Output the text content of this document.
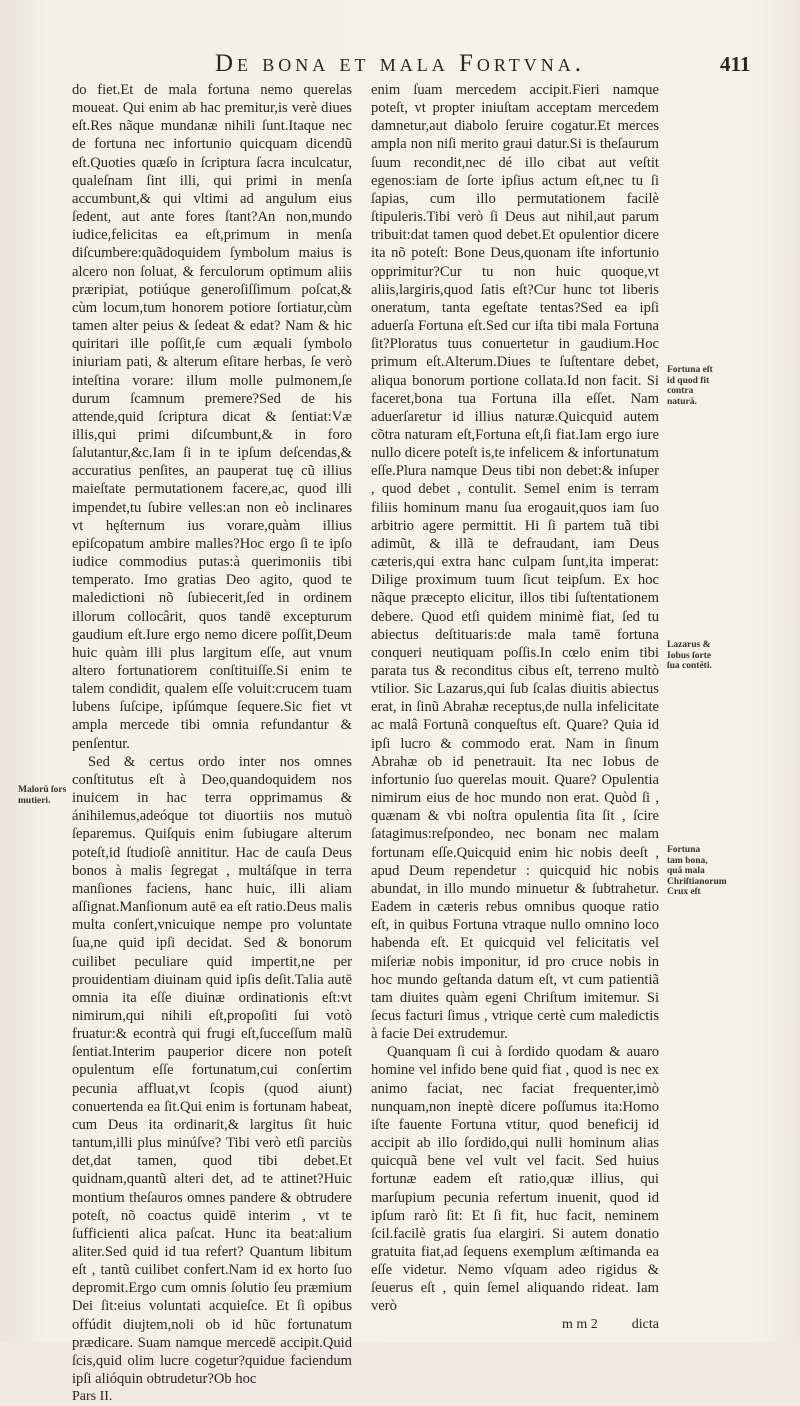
De bona et mala Fortvna.	411

do fiet.Et de mala fortuna nemo querelas moueat. Qui enim ab hac premitur,is verè diues eſt.Res nãque mundanæ nihili ſunt.Itaque nec de fortuna nec infortunio quicquam dicendũ eſt.Quoties quæſo in ſcriptura ſacra inculcatur, qualeſnam ſint illi, qui primi in menſa accumbunt,& qui vltimi ad angulum eius ſedent, aut ante fores ſtant?An non,mundo iudice,felicitas ea eſt,primum in menſa diſcumbere:quãdoquidem ſymbolum maius is alcero non ſoluat, & ferculorum optimum aliis præripiat, potiúque generoſiſſimum poſcat,& cùm locum,tum honorem potiore ſortiatur,cùm tamen alter peius & ſedeat & edat? Nam & hic quiritari ille poſſit,ſe cum æquali ſymbolo iniuriam pati, & alterum eſitare herbas, ſe verò inteſtina vorare: illum molle pulmonem,ſe durum ſcamnum premere?Sed de his attende,quid ſcriptura dicat & ſentiat:Væ illis,qui primi diſcumbunt,& in foro ſalutantur,&c.Iam ſi in te ipſum deſcendas,& accuratius penſites, an pauperat tuę cũ illius maieſtate permutationem facere,ac, quod illi impendet,tu ſubire velles:an non eò inclinares vt hęſternum ius vorare,quàm illius epiſcopatum ambire malles?Hoc ergo ſi te ipſo iudice commodius putas:à querimoniis tibi temperato. Imo gratias Deo agito, quod te maledictioni nõ ſubiecerit,ſed in ordinem illorum collocârit, quos tandē excepturum gaudium eſt.Iure ergo nemo dicere poſſit,Deum huic quàm illi plus largitum eſſe, aut vnum altero fortunatiorem conſtituiſſe.Si enim te talem condidit, qualem eſſe voluit:crucem tuam lubens ſuſcipe, ipſúmque ſequere.Sic fiet vt ampla mercede tibi omnia refundantur & penſentur.

Sed & certus ordo inter nos omnes conſtitutus eſt à Deo,quandoquidem nos inuicem in hac terra opprimamus & ánihilemus,adeóque tot diuortiis nos mutuò ſeparemus. Quiſquis enim ſubiugare alterum poteſt,id ſtudioſè annititur. Hac de cauſa Deus bonos à malis ſegregat , multáſque in terra manſiones faciens, hanc huic, illi aliam aſſignat.Manſionum autē ea eſt ratio.Deus malis multa conſert,vnicuique nempe pro voluntate ſua,ne quid ipſi decidat. Sed & bonorum cuilibet peculiare quid impertit,ne per prouidentiam diuinam quid ipſis deſit.Talia autē omnia ita eſſe diuinæ ordinationis eſt:vt nimirum,qui nihili eſt,propoſiti ſui votò fruatur:& econtrà qui frugi eſt,ſucceſſum malũ ſentiat.Interim pauperior dicere non poteſt opulentum eſſe fortunatum,cui conſertim pecunia affluat,vt ſcopis (quod aiunt) conuertenda ea ſit.Qui enim is fortunam habeat, cum Deus ita ordinarit,& largitus ſit huic tantum,illi plus minúſve? Tibi verò etſi parciùs det,dat tamen, quod tibi debet.Et quidnam,quantũ alteri det, ad te attinet?Huic montium theſauros omnes pandere & obtrudere poteſt, nõ coactus quidē interim , vt te ſufficienti alica paſcat. Hunc ita beat:alium aliter.Sed quid id tua refert? Quantum libitum eſt , tantũ cuilibet confert.Nam id ex horto ſuo depromit.Ergo cum omnis ſolutio ſeu præmium Dei ſit:eius voluntati acquieſce. Et ſi opibus offúdit diujtem,noli ob id hũc fortunatum prædicare. Suam namque mercedē accipit.Quid ſcis,quid olim lucre cogetur?quidue faciendum ipſi alióquin obtrudetur?Ob hoc

Pars II.

enim ſuam mercedem accipit.Fieri namque poteſt, vt propter iniuſtam acceptam mercedem damnetur,aut diabolo ſeruire cogatur.Et merces ampla non niſi merito graui datur.Si is theſaurum ſuum recondit,nec dé illo cibat aut veſtit egenos:iam de ſorte ipſius actum eſt,nec tu ſi ſapias, cum illo permutationem facilè ſtipuleris.Tibi verò ſi Deus aut nihil,aut parum tribuit:dat tamen quod debet.Et opulentior dicere ita nõ poteſt: Bone Deus,quonam iſte infortunio opprimitur?Cur tu non huic quoque,vt aliis,largiris,quod ſatis eſt?Cur hunc tot liberis oneratum, tanta egeſtate tentas?Sed ea ipſi aduerſa Fortuna eſt.Sed cur iſta tibi mala Fortuna ſit?Ploratus tuus conuertetur in gaudium.Hoc primum eſt.Alterum.Diues te ſuſtentare debet, aliqua bonorum portione collata.Id non facit. Si faceret,bona tua Fortuna illa eſſet. Nam aduerſaretur id illius naturæ.Quicquid autem cõtra naturam eſt,Fortuna eſt,ſi fiat.Iam ergo iure nullo dicere poteſt is,te infelicem & infortunatum eſſe.Plura namque Deus tibi non debet:& inſuper , quod debet , contulit. Semel enim is terram filiis hominum manu ſua erogauit,quos iam ſuo arbitrio agere permittit. Hi ſi partem tuã tibi adimũt, & illã te defraudant, iam Deus cæteris,qui extra hanc culpam ſunt,ita imperat: Dilige proximum tuum ſicut teipſum. Ex hoc nãque præcepto elicitur, illos tibi ſuſtentationem debere. Quod etſi quidem minimè fiat, ſed tu abiectus deſtituaris:de mala tamē fortuna conqueri neutiquam poſſis.In cœlo enim tibi parata tus & reconditus cibus eſt, terreno multò vtilior. Sic Lazarus,qui ſub ſcalas diuitis abiectus erat, in ſinũ Abrahæ receptus,de nulla infelicitate ac malâ Fortunã conqueſtus eſt. Quare? Quia id ipſi lucro & commodo erat. Nam in ſinum Abrahæ ob id penetrauit. Ita nec Iobus de infortunio ſuo querelas mouit. Quare? Opulentia nimirum eius de hoc mundo non erat. Quòd ſi , quænam & vbi noſtra opulentia ſita ſit , ſcire ſatagimus:reſpondeo, nec bonam nec malam fortunam eſſe.Quicquid enim hic nobis deeſt , apud Deum rependetur : quicquid hic nobis abundat, in illo mundo minuetur & ſubtrahetur. Eadem in cæteris rebus omnibus quoque ratio eſt, in quibus Fortuna vtraque nullo omnino loco habenda eſt. Et quicquid vel felicitatis vel miſeriæ nobis imponitur, id pro cruce nobis in hoc mundo geſtanda datum eſt, vt cum patientiã tam diuites quàm egeni Chriſtum imitemur. Si ſecus facturi ſimus , vtrique certè cum maledictis à facie Dei extrudemur.

Quanquam ſi cui à ſordido quodam & auaro homine vel infido bene quid fiat , quod is nec ex animo faciat, nec faciat frequenter,imò nunquam,non ineptè dicere poſſumus ita:Homo iſte fauente Fortuna vtitur, quod beneficij id accipit ab illo ſordido,qui nulli hominum alias quicquã bene vel vult vel facit. Sed huius fortunæ eadem eſt ratio,quæ illius, qui marſupium pecunia refertum inuenit, quod id ipſum rarò ſit: Et ſi fit, huc facit, neminem ſcil.facilè gratis ſua elargiri. Si autem donatio gratuita fiat,ad ſequens exemplum æſtimanda ea eſſe videtur. Nemo vſquam adeo rigidus & ſeuerus eſt , quin ſemel aliquando rideat. Iam verò

m m 2 dicta
Malorũ ſors mutieri.
Fortuna eſt id quod fit contra naturã.
Lazarus & Iobus ſorte ſua contẽti.
Fortuna tam bona, quã mala Chriſtianorum Crux eſt
